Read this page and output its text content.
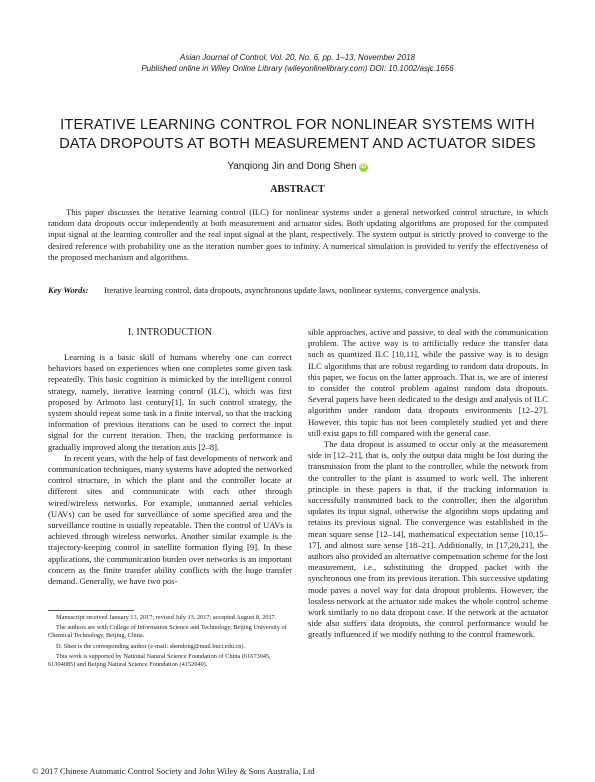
Asian Journal of Control, Vol. 20, No. 6, pp. 1–13, November 2018
Published online in Wiley Online Library (wileyonlinelibrary.com) DOI: 10.1002/asjc.1656
ITERATIVE LEARNING CONTROL FOR NONLINEAR SYSTEMS WITH
DATA DROPOUTS AT BOTH MEASUREMENT AND ACTUATOR SIDES
Yanqiong Jin and Dong Shen iD
ABSTRACT

This paper discusses the iterative learning control (ILC) for nonlinear systems under a general networked control structure, in which random data dropouts occur independently at both measurement and actuator sides. Both updating algorithms are proposed for the computed input signal at the learning controller and the real input signal at the plant, respectively. The system output is strictly proved to converge to the desired reference with probability one as the iteration number goes to infinity. A numerical simulation is provided to verify the effectiveness of the proposed mechanism and algorithms.

Key Words: Iterative learning control, data dropouts, asynchronous update laws, nonlinear systems, convergence analysis.
I. INTRODUCTION

Learning is a basic skill of humans whereby one can correct behaviors based on experiences when one completes some given task repeatedly. This basic cognition is mimicked by the intelligent control strategy, namely, iterative learning control (ILC), which was first proposed by Arimoto last century[1]. In such control strategy, the system should repeat some task in a finite interval, so that the tracking information of previous iterations can be used to correct the input signal for the current iteration. Then, the tracking performance is gradually improved along the iteration axis [2–8].

In recent years, with the help of fast developments of network and communication techniques, many systems have adopted the networked control structure, in which the plant and the controller locate at different sites and communicate with each other through wired/wireless networks. For example, unmanned aerial vehicles (UAVs) can be used for surveillance of some specified area and the surveillance routine is usually repeatable. Then the control of UAVs is achieved through wireless networks. Another similar example is the trajectory-keeping control in satellite formation flying [9]. In these applications, the communication burden over networks is an important concern as the finite transfer ability conflicts with the huge transfer demand. Generally, we have two pos-

sible approaches, active and passive, to deal with the communication problem. The active way is to artificially reduce the transfer data such as quantized ILC [10,11], while the passive way is to design ILC algorithms that are robust regarding to random data dropouts. In this paper, we focus on the latter approach. That is, we are of interest to consider the control problem against random data dropouts. Several papers have been dedicated to the design and analysis of ILC algorithm under random data dropouts environments [12–27]. However, this topic has not been completely studied yet and there still exist gaps to fill compared with the general case.

The data dropout is assumed to occur only at the measurement side in [12–21], that is, only the output data might be lost during the transmission from the plant to the controller, while the network from the controller to the plant is assumed to work well. The inherent principle in these papers is that, if the tracking information is successfully transmitted back to the controller, then the algorithm updates its input signal, otherwise the algorithm stops updating and retains its previous signal. The convergence was established in the mean square sense [12–14], mathematical expectation sense [10,15–17], and almost sure sense [18–21]. Additionally, in [17,20,21], the authors also provided an alternative compensation scheme for the lost measurement, i.e., substituting the dropped packet with the synchronous one from its previous iteration. This successive updating mode paves a novel way for data dropout problems. However, the lossless network at the actuator side makes the whole control scheme work similarly to no data dropout case. If the network at the actuator side also suffers data dropouts, the control performance would be greatly influenced if we modify nothing to the control framework.

Manuscript received January 13, 2017; revised July 13, 2017; accepted August 8, 2017.

The authors are with College of Information Science and Technology, Beijing University of Chemical Technology, Beijing, China.

D. Shen is the corresponding author (e-mail: shendong@mail.buct.edu.cn).

This work is supported by National Natural Science Foundation of China (61673045, 61304085) and Beijing Natural Science Foundation (4152040).

© 2017 Chinese Automatic Control Society and John Wiley & Sons Australia, Ltd
